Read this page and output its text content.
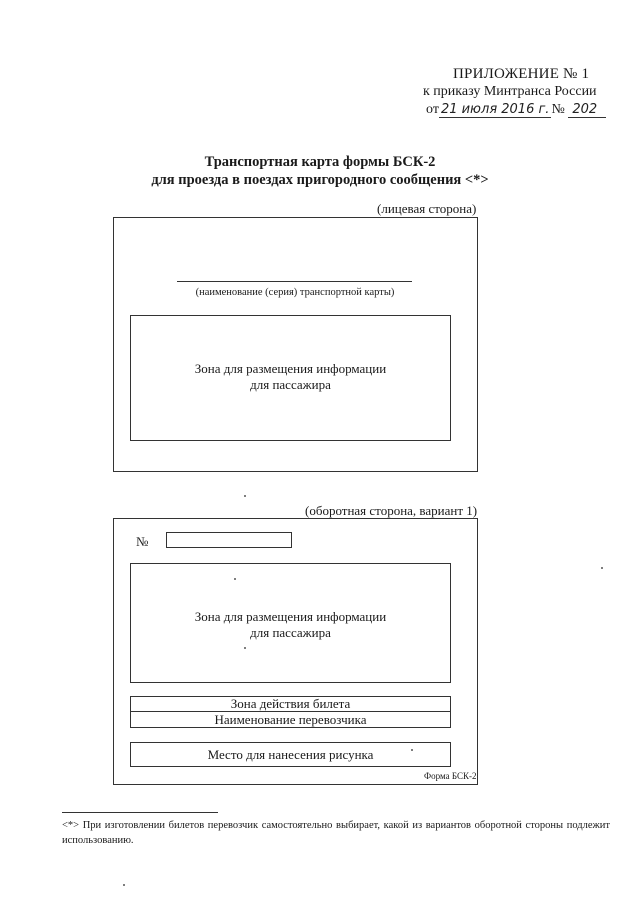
ПРИЛОЖЕНИЕ № 1
к приказу Минтранса России
от 21 июля 2016 г. № 202
Транспортная карта формы БСК-2
для проезда в поездах пригородного сообщения <*>
(лицевая сторона)
(наименование (серия) транспортной карты)
Зона для размещения информации
для пассажира
(оборотная сторона, вариант 1)
№
Зона для размещения информации
для пассажира
Зона действия билета
Наименование перевозчика
Место для нанесения рисунка
Форма БСК-2
<*> При изготовлении билетов перевозчик самостоятельно выбирает, какой из вариантов оборотной стороны подлежит использованию.
